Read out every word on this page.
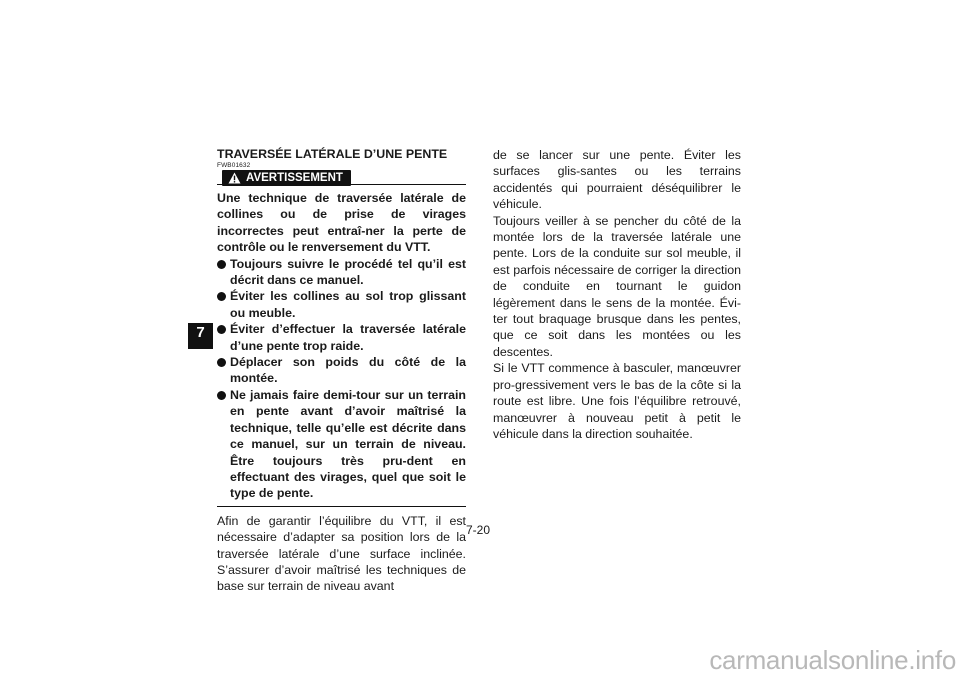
7

TRAVERSÉE LATÉRALE D’UNE PENTE

FWB01632

AVERTISSEMENT

Une technique de traversée latérale de collines ou de prise de virages incorrectes peut entraî-ner la perte de contrôle ou le renversement du VTT.

Toujours suivre le procédé tel qu’il est décrit dans ce manuel.
Éviter les collines au sol trop glissant ou meuble.
Éviter d’effectuer la traversée latérale d’une pente trop raide.
Déplacer son poids du côté de la montée.
Ne jamais faire demi-tour sur un terrain en pente avant d’avoir maîtrisé la technique, telle qu’elle est décrite dans ce manuel, sur un terrain de niveau. Être toujours très pru-dent en effectuant des virages, quel que soit le type de pente.

Afin de garantir l’équilibre du VTT, il est nécessaire d’adapter sa position lors de la traversée latérale d’une surface inclinée. S’assurer d’avoir maîtrisé les techniques de base sur terrain de niveau avant

de se lancer sur une pente. Éviter les surfaces glis-santes ou les terrains accidentés qui pourraient déséquilibrer le véhicule.

Toujours veiller à se pencher du côté de la montée lors de la traversée latérale une pente. Lors de la conduite sur sol meuble, il est parfois nécessaire de corriger la direction de conduite en tournant le guidon légèrement dans le sens de la montée. Évi-ter tout braquage brusque dans les pentes, que ce soit dans les montées ou les descentes.

Si le VTT commence à basculer, manœuvrer pro-gressivement vers le bas de la côte si la route est libre. Une fois l’équilibre retrouvé, manœuvrer à nouveau petit à petit le véhicule dans la direction souhaitée.

7-20
carmanualsonline.info
